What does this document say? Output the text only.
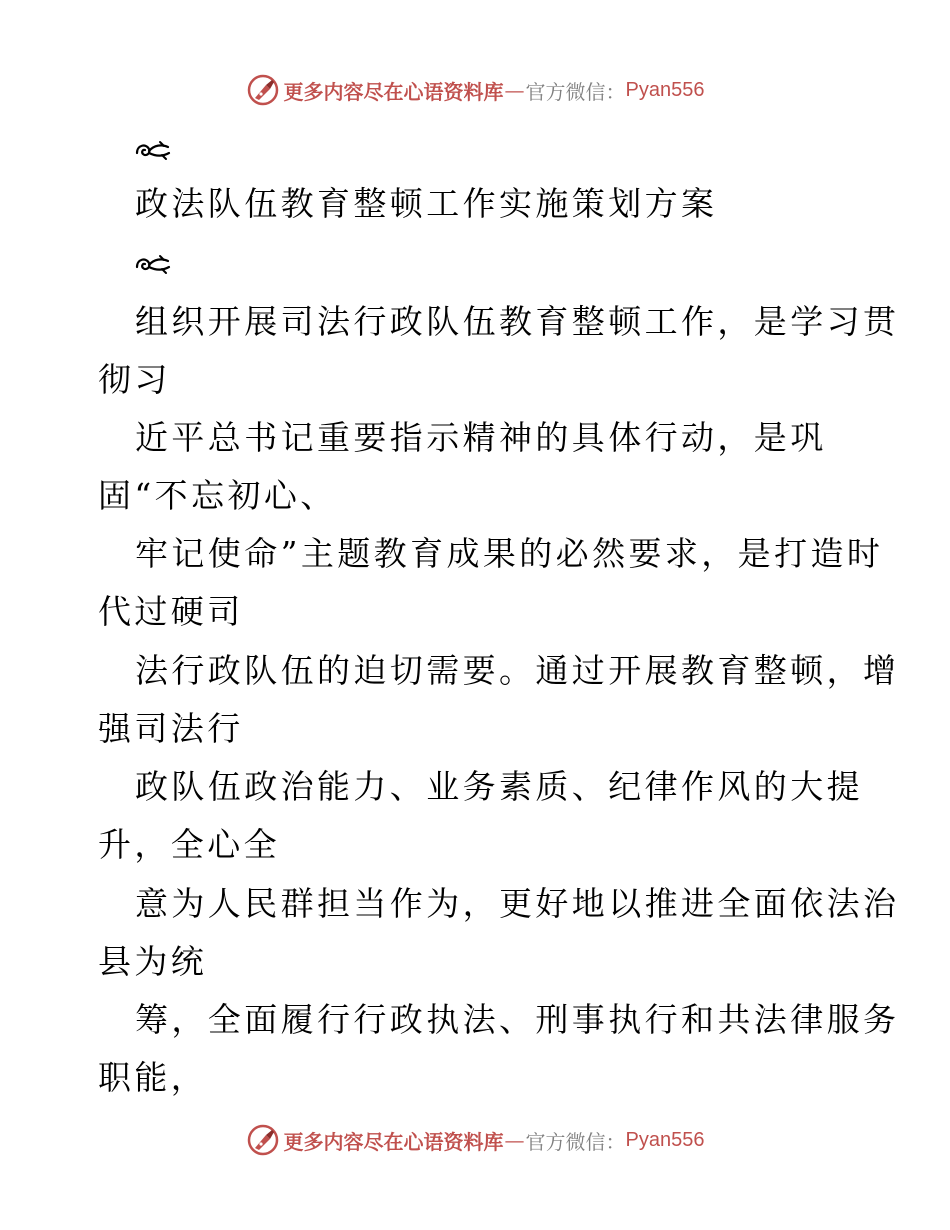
更多内容尽在心语资料库 — 官方微信： Pyan556
政法队伍教育整顿工作实施策划方案
组织开展司法行政队伍教育整顿工作，是学习贯
彻习
近平总书记重要指示精神的具体行动，是巩
固“不忘初心、
牢记使命”主题教育成果的必然要求，是打造时
代过硬司
法行政队伍的迫切需要。通过开展教育整顿，增
强司法行
政队伍政治能力、业务素质、纪律作风的大提
升，全心全
意为人民群担当作为，更好地以推进全面依法治
县为统
筹，全面履行行政执法、刑事执行和共法律服务
职能，
更多内容尽在心语资料库 — 官方微信： Pyan556
